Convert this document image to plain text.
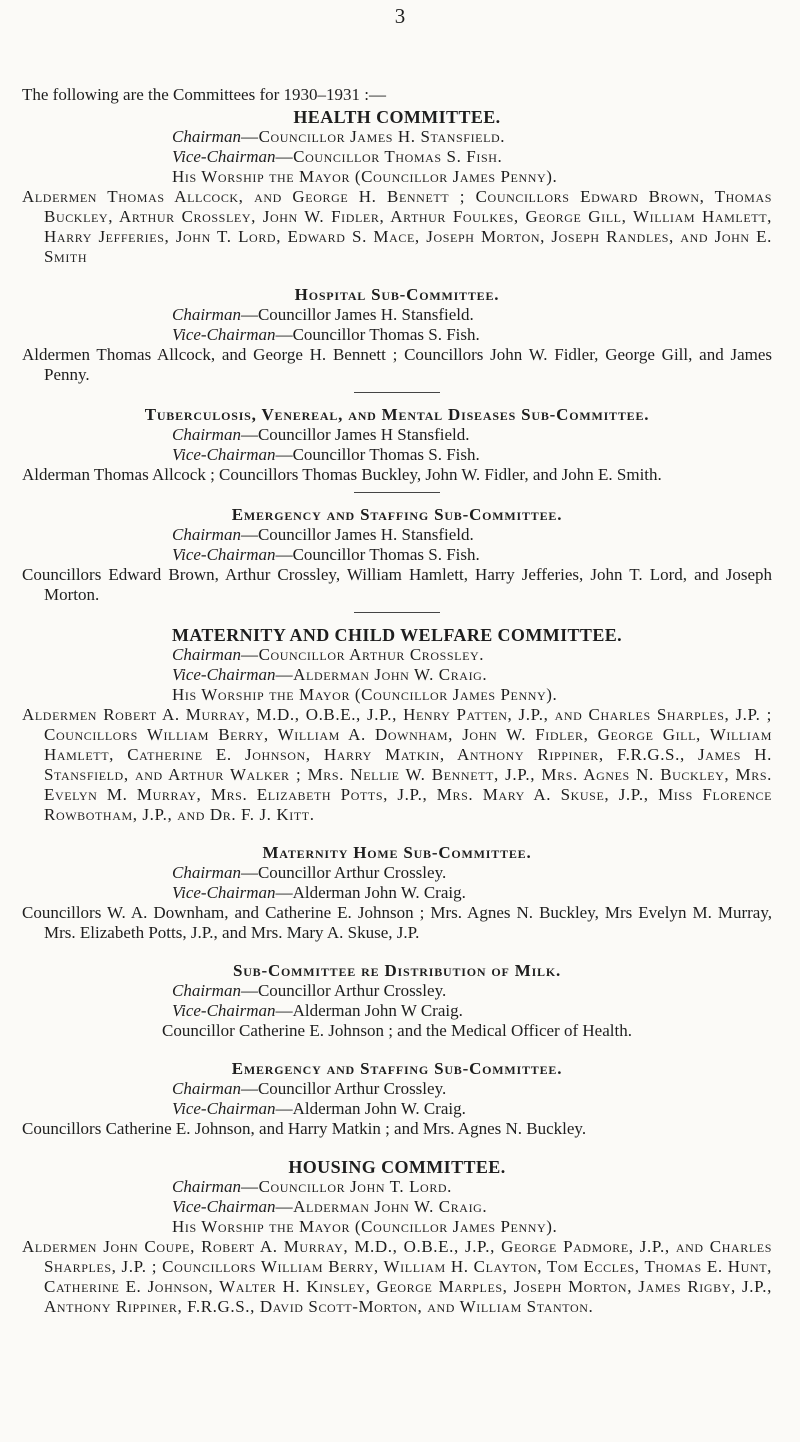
3

The following are the Committees for 1930–1931 :—

HEALTH COMMITTEE.

Chairman—Councillor James H. Stansfield.

Vice-Chairman—Councillor Thomas S. Fish.

His Worship the Mayor (Councillor James Penny).

Aldermen Thomas Allcock, and George H. Bennett ; Councillors Edward Brown, Thomas Buckley, Arthur Crossley, John W. Fidler, Arthur Foulkes, George Gill, William Hamlett, Harry Jefferies, John T. Lord, Edward S. Mace, Joseph Morton, Joseph Randles, and John E. Smith

Hospital Sub-Committee.

Chairman—Councillor James H. Stansfield.

Vice-Chairman—Councillor Thomas S. Fish.

Aldermen Thomas Allcock, and George H. Bennett ; Councillors John W. Fidler, George Gill, and James Penny.

Tuberculosis, Venereal, and Mental Diseases Sub-Committee.

Chairman—Councillor James H Stansfield.

Vice-Chairman—Councillor Thomas S. Fish.

Alderman Thomas Allcock ; Councillors Thomas Buckley, John W. Fidler, and John E. Smith.

Emergency and Staffing Sub-Committee.

Chairman—Councillor James H. Stansfield.

Vice-Chairman—Councillor Thomas S. Fish.

Councillors Edward Brown, Arthur Crossley, William Hamlett, Harry Jefferies, John T. Lord, and Joseph Morton.

MATERNITY AND CHILD WELFARE COMMITTEE.

Chairman—Councillor Arthur Crossley.

Vice-Chairman—Alderman John W. Craig.

His Worship the Mayor (Councillor James Penny).

Aldermen Robert A. Murray, M.D., O.B.E., J.P., Henry Patten, J.P., and Charles Sharples, J.P. ; Councillors William Berry, William A. Downham, John W. Fidler, George Gill, William Hamlett, Catherine E. Johnson, Harry Matkin, Anthony Rippiner, F.R.G.S., James H. Stansfield, and Arthur Walker ; Mrs. Nellie W. Bennett, J.P., Mrs. Agnes N. Buckley, Mrs. Evelyn M. Murray, Mrs. Elizabeth Potts, J.P., Mrs. Mary A. Skuse, J.P., Miss Florence Rowbotham, J.P., and Dr. F. J. Kitt.

Maternity Home Sub-Committee.

Chairman—Councillor Arthur Crossley.

Vice-Chairman—Alderman John W. Craig.

Councillors W. A. Downham, and Catherine E. Johnson ; Mrs. Agnes N. Buckley, Mrs Evelyn M. Murray, Mrs. Elizabeth Potts, J.P., and Mrs. Mary A. Skuse, J.P.

Sub-Committee re Distribution of Milk.

Chairman—Councillor Arthur Crossley.

Vice-Chairman—Alderman John W Craig.

Councillor Catherine E. Johnson ; and the Medical Officer of Health.

Emergency and Staffing Sub-Committee.

Chairman—Councillor Arthur Crossley.

Vice-Chairman—Alderman John W. Craig.

Councillors Catherine E. Johnson, and Harry Matkin ; and Mrs. Agnes N. Buckley.

HOUSING COMMITTEE.

Chairman—Councillor John T. Lord.

Vice-Chairman—Alderman John W. Craig.

His Worship the Mayor (Councillor James Penny).

Aldermen John Coupe, Robert A. Murray, M.D., O.B.E., J.P., George Padmore, J.P., and Charles Sharples, J.P. ; Councillors William Berry, William H. Clayton, Tom Eccles, Thomas E. Hunt, Catherine E. Johnson, Walter H. Kinsley, George Marples, Joseph Morton, James Rigby, J.P., Anthony Rippiner, F.R.G.S., David Scott-Morton, and William Stanton.
